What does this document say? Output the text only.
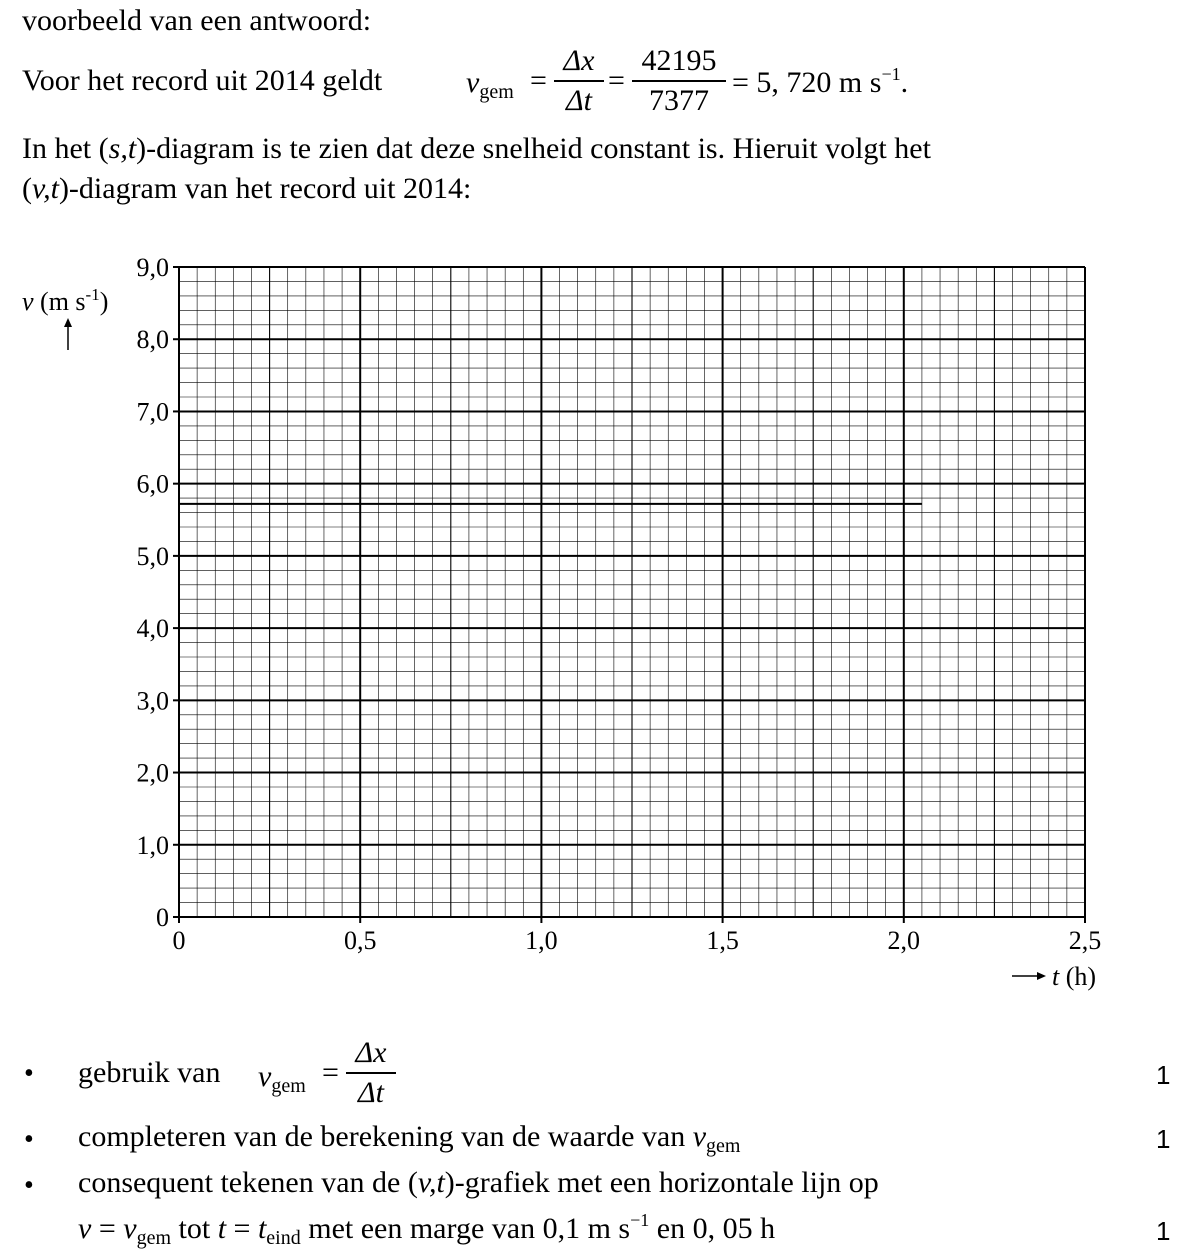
voorbeeld van een antwoord:
Voor het record uit 2014 geldt	$v_{gem}$ =
Δx
Δt
=
42195
7377
= 5, 720 m $s^{-1}$.
In het (s,t)-diagram is te zien dat deze snelheid constant is. Hieruit volgt het
(v,t)-diagram van het record uit 2014:
0
1,0
2,0
3,0
4,0
5,0
6,0
7,0
8,0
9,0
0	0,5	1,0	1,5	2,0	2,5
v (m $s^{-1}$)
t (h)
• gebruik van $v_{gem}$ =
Δx
Δt
1
• completeren van de berekening van de waarde van $v_{gem}$	1
• consequent tekenen van de (v,t)-grafiek met een horizontale lijn op
$v = v_{gem}$ tot $t = t_{eind}$ met een marge van 0,1 m $s^{-1}$ en 0, 05 h	1
